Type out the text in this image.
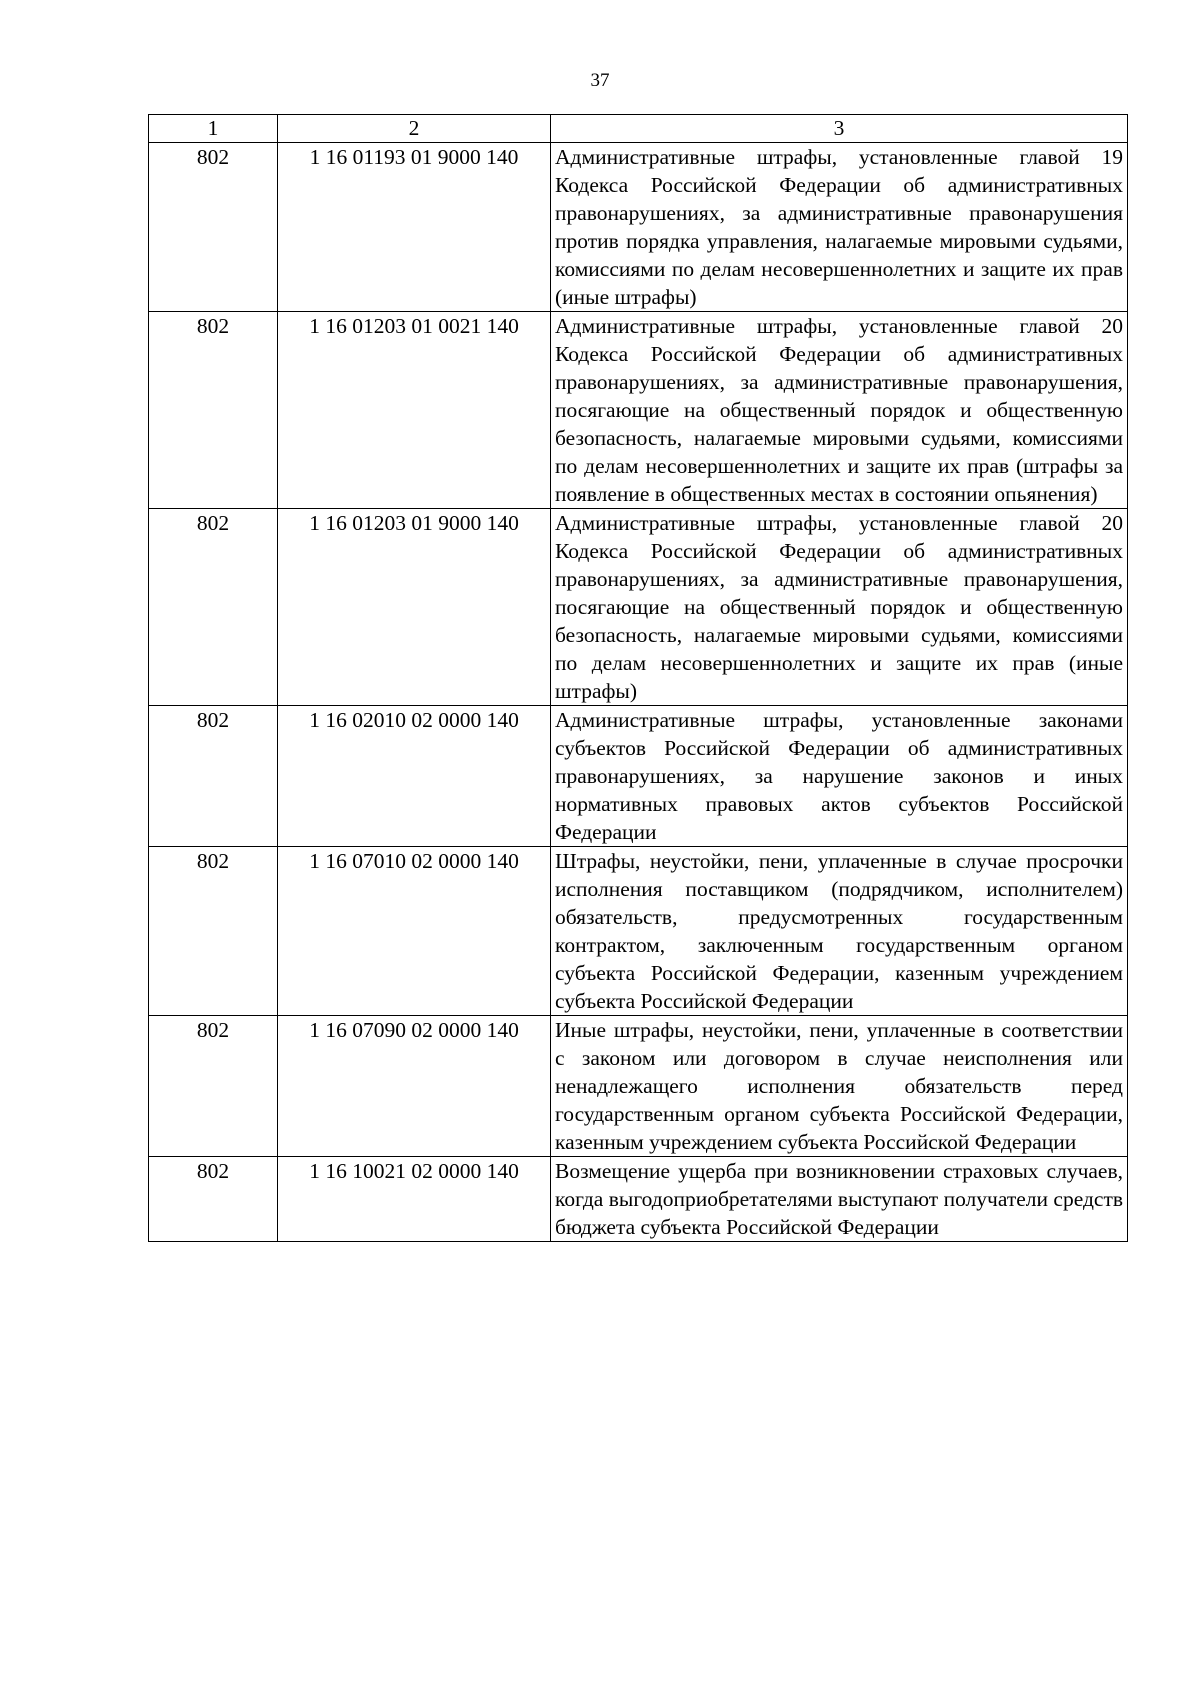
37
1	2	3
802	1 16 01193 01 9000 140	Административные штрафы, установленные главой 19 Кодекса Российской Федерации об административных правонарушениях, за административные правонарушения против порядка управления, налагаемые мировыми судьями, комиссиями по делам несовершеннолетних и защите их прав (иные штрафы)
802	1 16 01203 01 0021 140	Административные штрафы, установленные главой 20 Кодекса Российской Федерации об административных правонарушениях, за административные правонарушения, посягающие на общественный порядок и общественную безопасность, налагаемые мировыми судьями, комиссиями по делам несовершеннолетних и защите их прав (штрафы за появление в общественных местах в состоянии опьянения)
802	1 16 01203 01 9000 140	Административные штрафы, установленные главой 20 Кодекса Российской Федерации об административных правонарушениях, за административные правонарушения, посягающие на общественный порядок и общественную безопасность, налагаемые мировыми судьями, комиссиями по делам несовершеннолетних и защите их прав (иные штрафы)
802	1 16 02010 02 0000 140	Административные штрафы, установленные законами субъектов Российской Федерации об административных правонарушениях, за нарушение законов и иных нормативных правовых актов субъектов Российской Федерации
802	1 16 07010 02 0000 140	Штрафы, неустойки, пени, уплаченные в случае просрочки исполнения поставщиком (подрядчиком, исполнителем) обязательств, предусмотренных государственным контрактом, заключенным государственным органом субъекта Российской Федерации, казенным учреждением субъекта Российской Федерации
802	1 16 07090 02 0000 140	Иные штрафы, неустойки, пени, уплаченные в соответствии с законом или договором в случае неисполнения или ненадлежащего исполнения обязательств перед государственным органом субъекта Российской Федерации, казенным учреждением субъекта Российской Федерации
802	1 16 10021 02 0000 140	Возмещение ущерба при возникновении страховых случаев, когда выгодоприобретателями выступают получатели средств бюджета субъекта Российской Федерации
